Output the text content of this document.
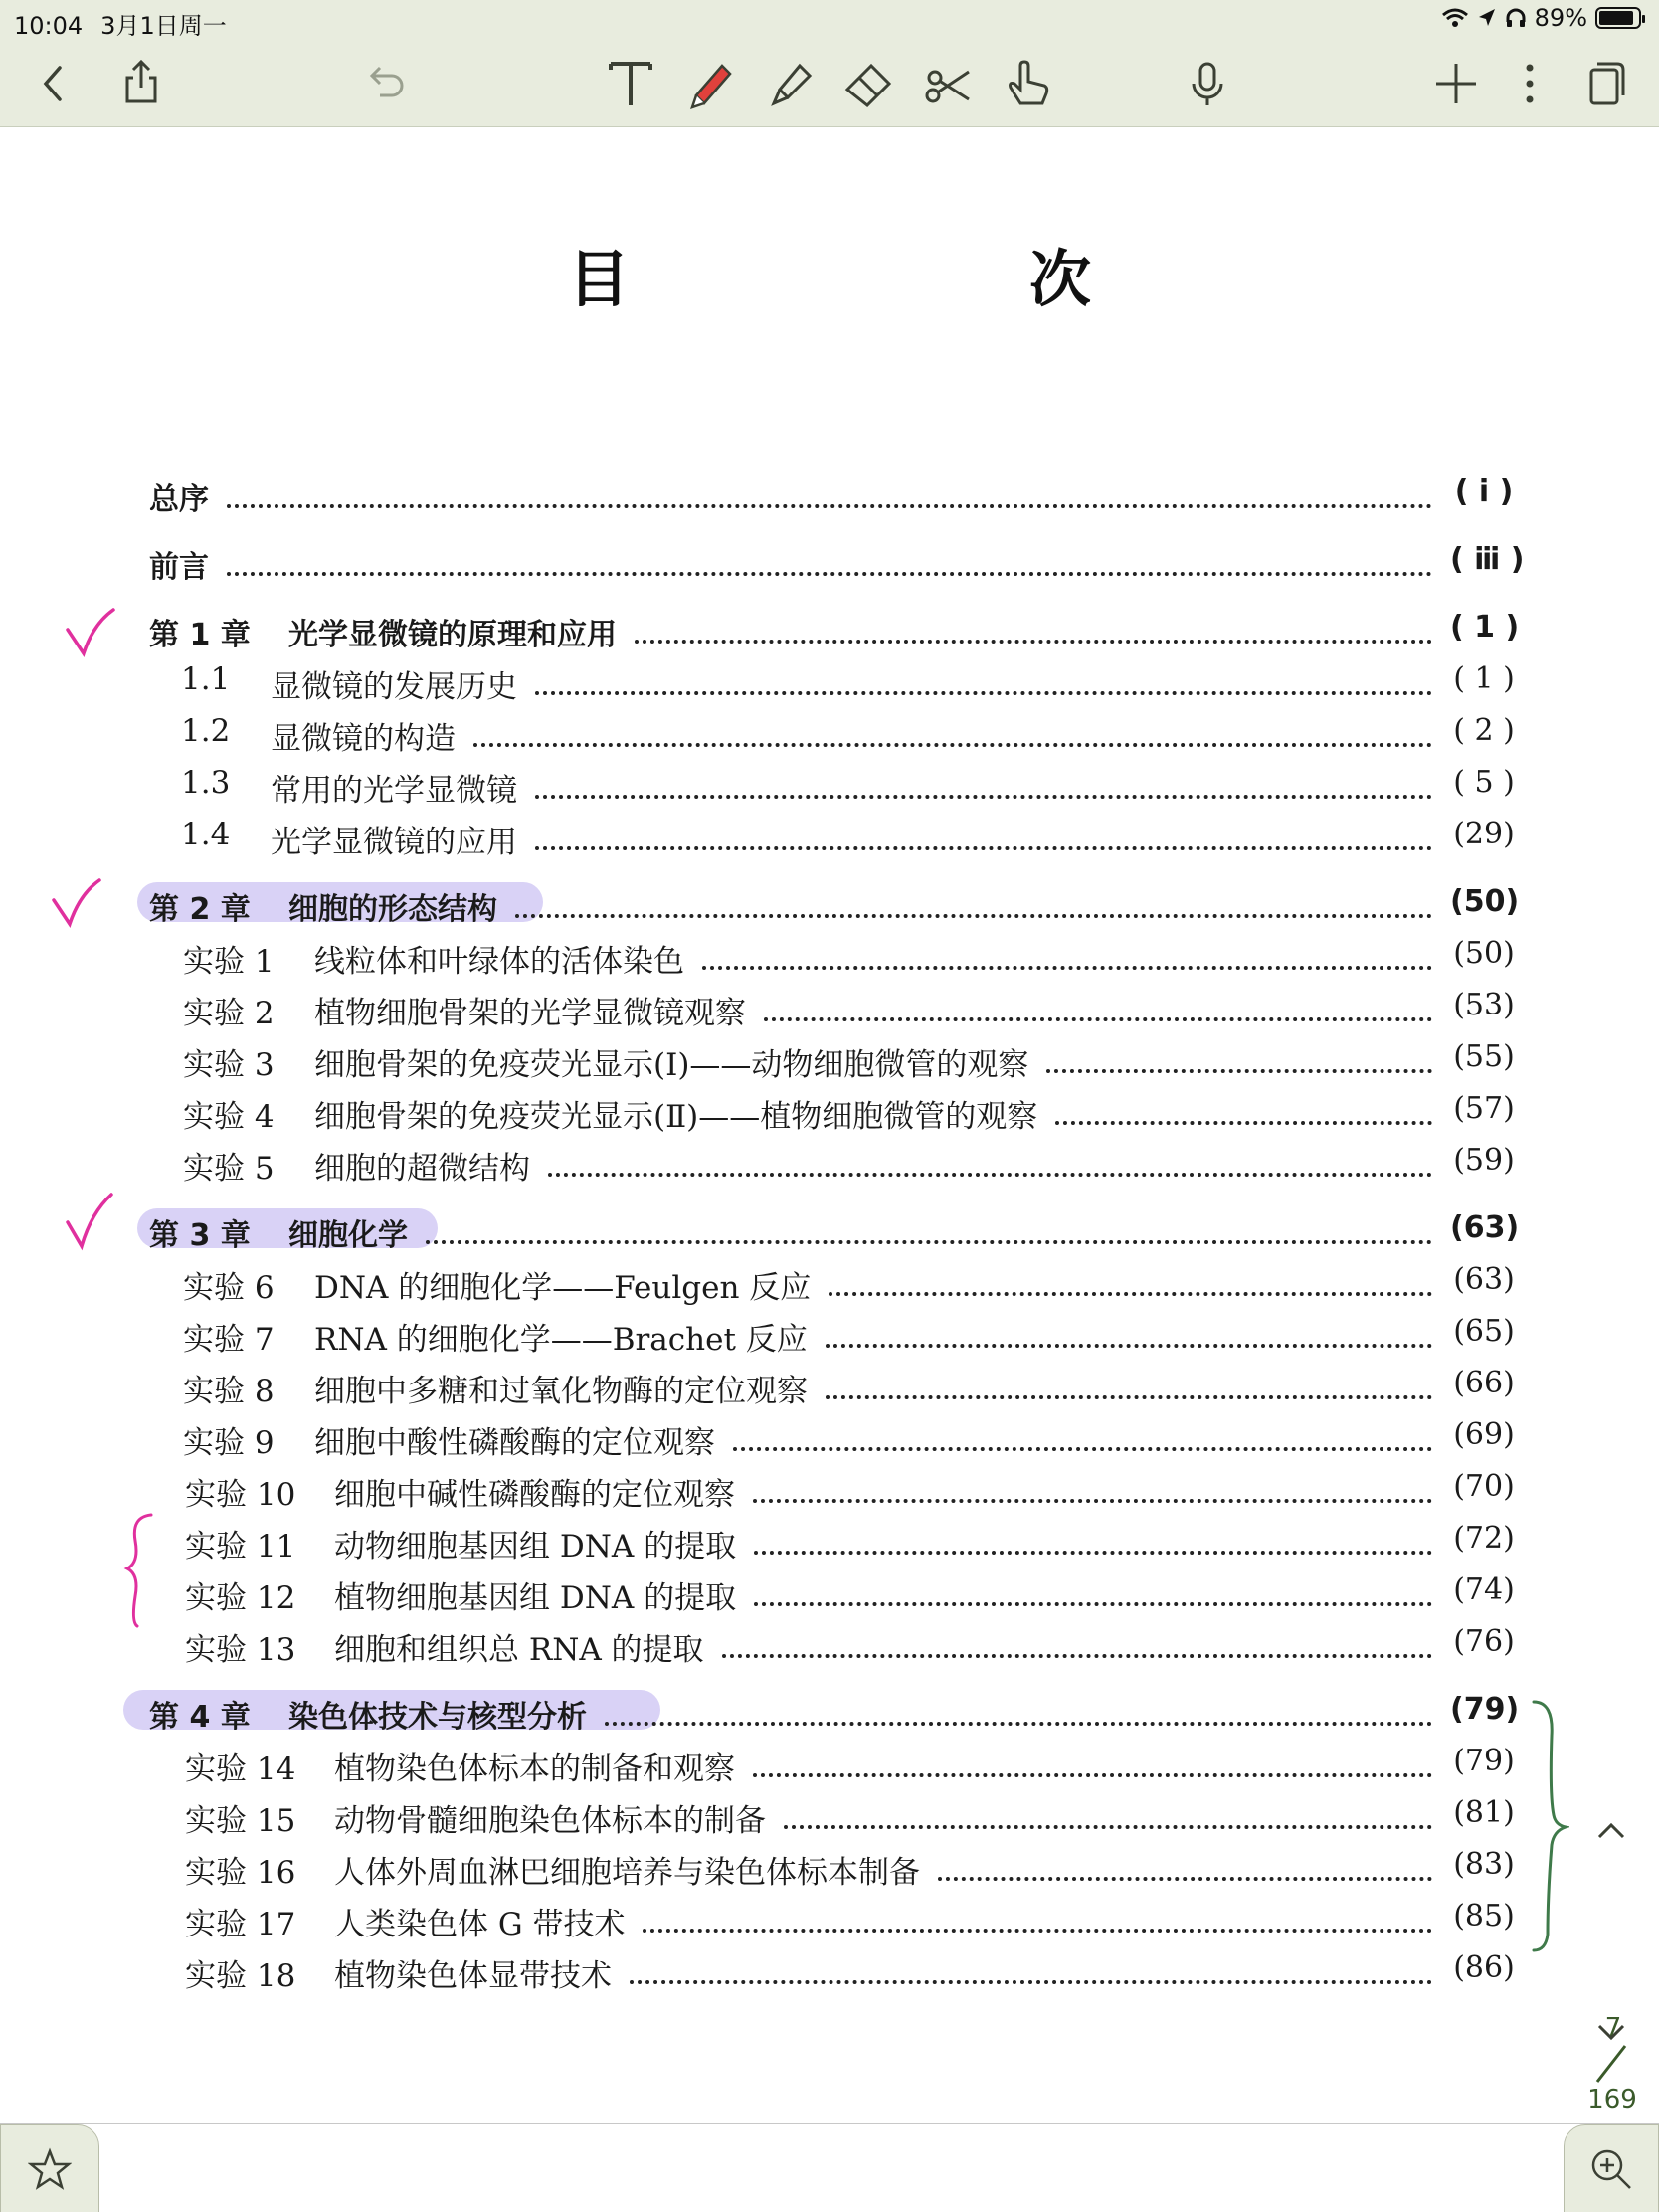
10:04 3月1日周一	89%
目　次
总序	( ⅰ )
前言	( ⅲ )
第 1 章 光学显微镜的原理和应用	( 1 )
1.1 显微镜的发展历史	( 1 )
1.2 显微镜的构造	( 2 )
1.3 常用的光学显微镜	( 5 )
1.4 光学显微镜的应用	(29)
第 2 章 细胞的形态结构	(50)
实验 1 线粒体和叶绿体的活体染色	(50)
实验 2 植物细胞骨架的光学显微镜观察	(53)
实验 3 细胞骨架的免疫荧光显示(Ⅰ)——动物细胞微管的观察	(55)
实验 4 细胞骨架的免疫荧光显示(Ⅱ)——植物细胞微管的观察	(57)
实验 5 细胞的超微结构	(59)
第 3 章 细胞化学	(63)
实验 6 DNA 的细胞化学——Feulgen 反应	(63)
实验 7 RNA 的细胞化学——Brachet 反应	(65)
实验 8 细胞中多糖和过氧化物酶的定位观察	(66)
实验 9 细胞中酸性磷酸酶的定位观察	(69)
实验 10 细胞中碱性磷酸酶的定位观察	(70)
实验 11 动物细胞基因组 DNA 的提取	(72)
实验 12 植物细胞基因组 DNA 的提取	(74)
实验 13 细胞和组织总 RNA 的提取	(76)
第 4 章 染色体技术与核型分析	(79)
实验 14 植物染色体标本的制备和观察	(79)
实验 15 动物骨髓细胞染色体标本的制备	(81)
实验 16 人体外周血淋巴细胞培养与染色体标本制备	(83)
实验 17 人类染色体 G 带技术	(85)
实验 18 植物染色体显带技术	(86)
7
169
